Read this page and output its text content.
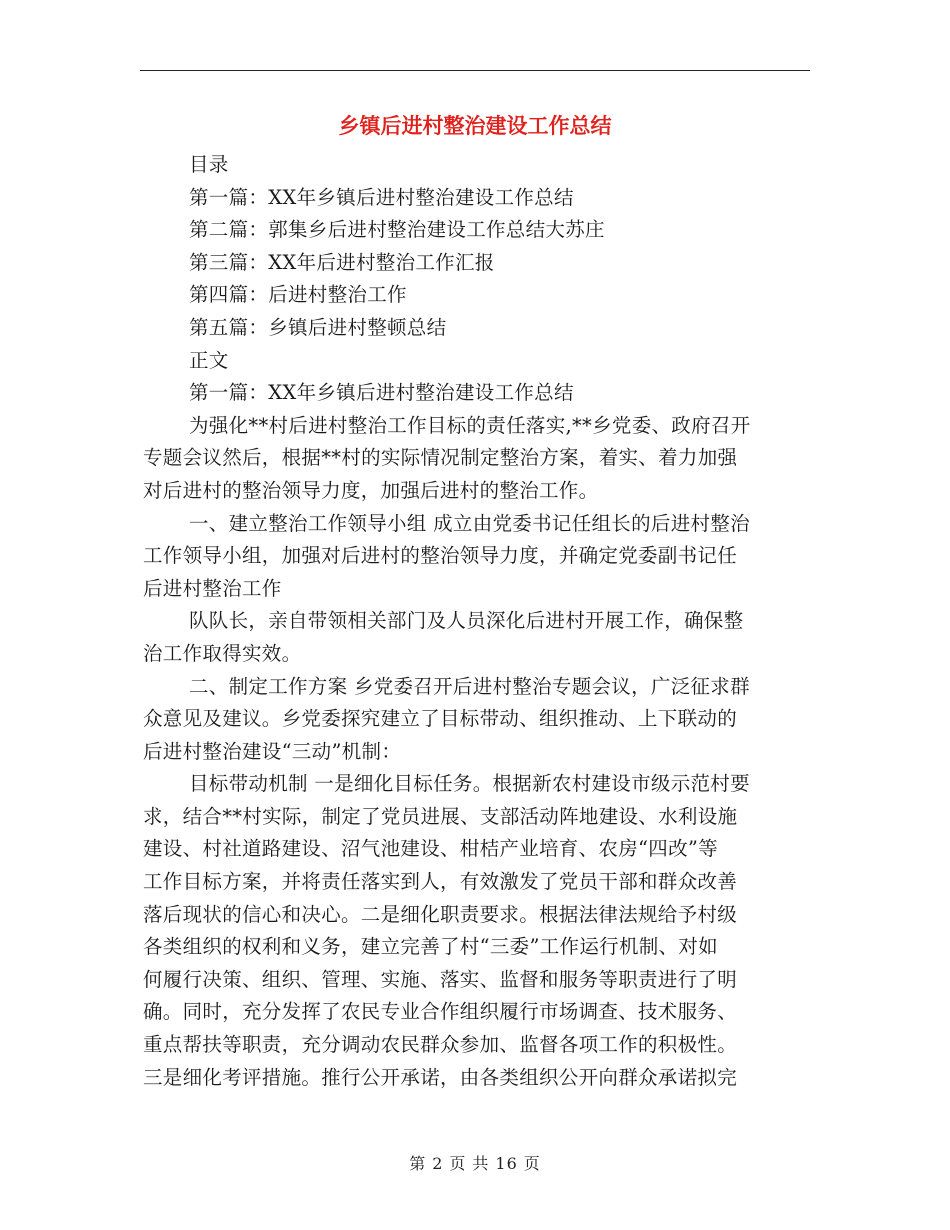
乡镇后进村整治建设工作总结
目录
第一篇：XX年乡镇后进村整治建设工作总结
第二篇：郭集乡后进村整治建设工作总结大苏庄
第三篇：XX年后进村整治工作汇报
第四篇：后进村整治工作
第五篇：乡镇后进村整顿总结
正文
第一篇：XX年乡镇后进村整治建设工作总结
为强化**村后进村整治工作目标的责任落实,**乡党委、政府召开
专题会议然后，根据**村的实际情况制定整治方案，着实、着力加强
对后进村的整治领导力度，加强后进村的整治工作。
一、建立整治工作领导小组 成立由党委书记任组长的后进村整治
工作领导小组，加强对后进村的整治领导力度，并确定党委副书记任
后进村整治工作
队队长，亲自带领相关部门及人员深化后进村开展工作，确保整
治工作取得实效。
二、制定工作方案 乡党委召开后进村整治专题会议，广泛征求群
众意见及建议。乡党委探究建立了目标带动、组织推动、上下联动的
后进村整治建设“三动”机制：
目标带动机制 一是细化目标任务。根据新农村建设市级示范村要
求，结合**村实际，制定了党员进展、支部活动阵地建设、水利设施
建设、村社道路建设、沼气池建设、柑桔产业培育、农房“四改”等
工作目标方案，并将责任落实到人，有效激发了党员干部和群众改善
落后现状的信心和决心。二是细化职责要求。根据法律法规给予村级
各类组织的权利和义务，建立完善了村“三委”工作运行机制、对如
何履行决策、组织、管理、实施、落实、监督和服务等职责进行了明
确。同时，充分发挥了农民专业合作组织履行市场调查、技术服务、
重点帮扶等职责，充分调动农民群众参加、监督各项工作的积极性。
三是细化考评措施。推行公开承诺，由各类组织公开向群众承诺拟完
第 2 页 共 16 页
